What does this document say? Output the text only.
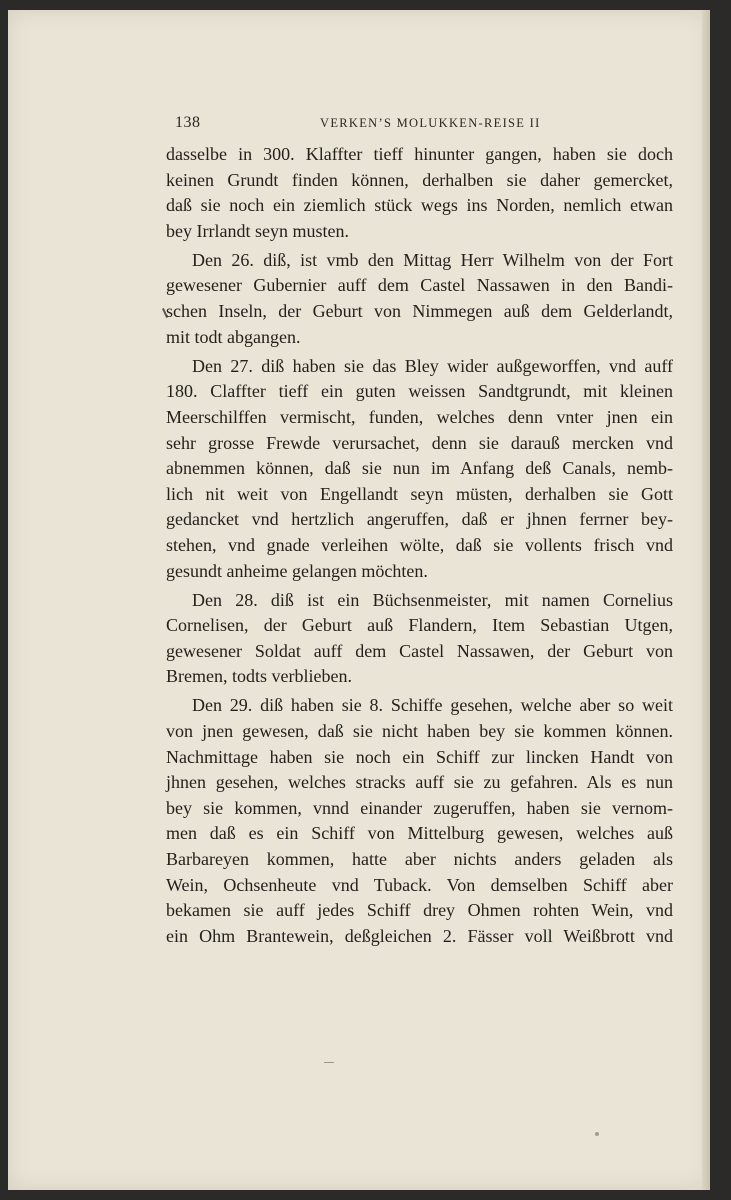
138	VERKEN’S MOLUKKEN-REISE II

dasselbe in 300. Klaffter tieff hinunter gangen, haben sie doch
keinen Grundt finden können, derhalben sie daher gemercket,
daß sie noch ein ziemlich stück wegs ins Norden, nemlich etwan
bey Irrlandt seyn musten.

Den 26. diß, ist vmb den Mittag Herr Wilhelm von der Fort
gewesener Gubernier auff dem Castel Nassawen in den Bandi-
schen Inseln, der Geburt von Nimmegen auß dem Gelderlandt,
mit todt abgangen.

Den 27. diß haben sie das Bley wider außgeworffen, vnd auff
180. Claffter tieff ein guten weissen Sandtgrundt, mit kleinen
Meerschilffen vermischt, funden, welches denn vnter jnen ein
sehr grosse Frewde verursachet, denn sie darauß mercken vnd
abnemmen können, daß sie nun im Anfang deß Canals, nemb-
lich nit weit von Engellandt seyn müsten, derhalben sie Gott
gedancket vnd hertzlich angeruffen, daß er jhnen ferrner bey-
stehen, vnd gnade verleihen wölte, daß sie vollents frisch vnd
gesundt anheime gelangen möchten.

Den 28. diß ist ein Büchsenmeister, mit namen Cornelius
Cornelisen, der Geburt auß Flandern, Item Sebastian Utgen,
gewesener Soldat auff dem Castel Nassawen, der Geburt von
Bremen, todts verblieben.

Den 29. diß haben sie 8. Schiffe gesehen, welche aber so weit
von jnen gewesen, daß sie nicht haben bey sie kommen können.
Nachmittage haben sie noch ein Schiff zur lincken Handt von
jhnen gesehen, welches stracks auff sie zu gefahren. Als es nun
bey sie kommen, vnnd einander zugeruffen, haben sie vernom-
men daß es ein Schiff von Mittelburg gewesen, welches auß
Barbareyen kommen, hatte aber nichts anders geladen als
Wein, Ochsenheute vnd Tuback. Von demselben Schiff aber
bekamen sie auff jedes Schiff drey Ohmen rohten Wein, vnd
ein Ohm Brantewein, deßgleichen 2. Fässer voll Weißbrott vnd
